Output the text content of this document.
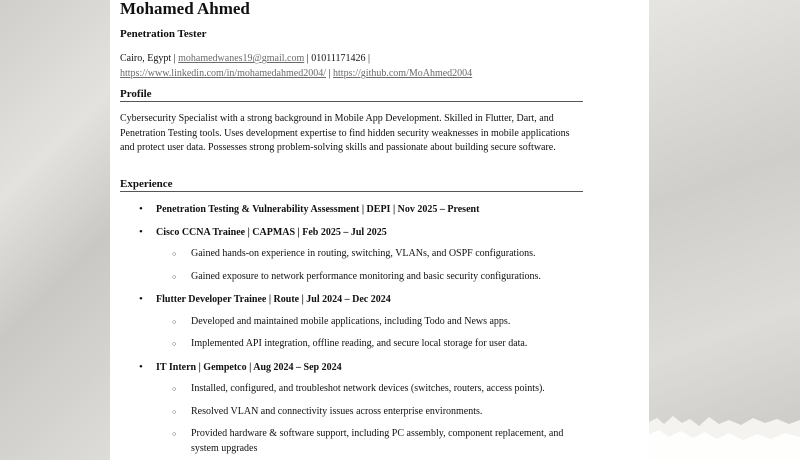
Mohamed Ahmed
Penetration Tester
Cairo, Egypt | mohamedwanes19@gmail.com | 01011171426 |
https://www.linkedin.com/in/mohamedahmed2004/ | https://github.com/MoAhmed2004
Profile
Cybersecurity Specialist with a strong background in Mobile App Development. Skilled in Flutter, Dart, and Penetration Testing tools. Uses development expertise to find hidden security weaknesses in mobile applications and protect user data. Possesses strong problem-solving skills and passionate about building secure software.
Experience
• Penetration Testing & Vulnerability Assessment | DEPI | Nov 2025 – Present
• Cisco CCNA Trainee | CAPMAS | Feb 2025 – Jul 2025
○ Gained hands-on experience in routing, switching, VLANs, and OSPF configurations.
○ Gained exposure to network performance monitoring and basic security configurations.
• Flutter Developer Trainee | Route | Jul 2024 – Dec 2024
○ Developed and maintained mobile applications, including Todo and News apps.
○ Implemented API integration, offline reading, and secure local storage for user data.
• IT Intern | Gempetco | Aug 2024 – Sep 2024
○ Installed, configured, and troubleshot network devices (switches, routers, access points).
○ Resolved VLAN and connectivity issues across enterprise environments.
○ Provided hardware & software support, including PC assembly, component replacement, and system upgrades
